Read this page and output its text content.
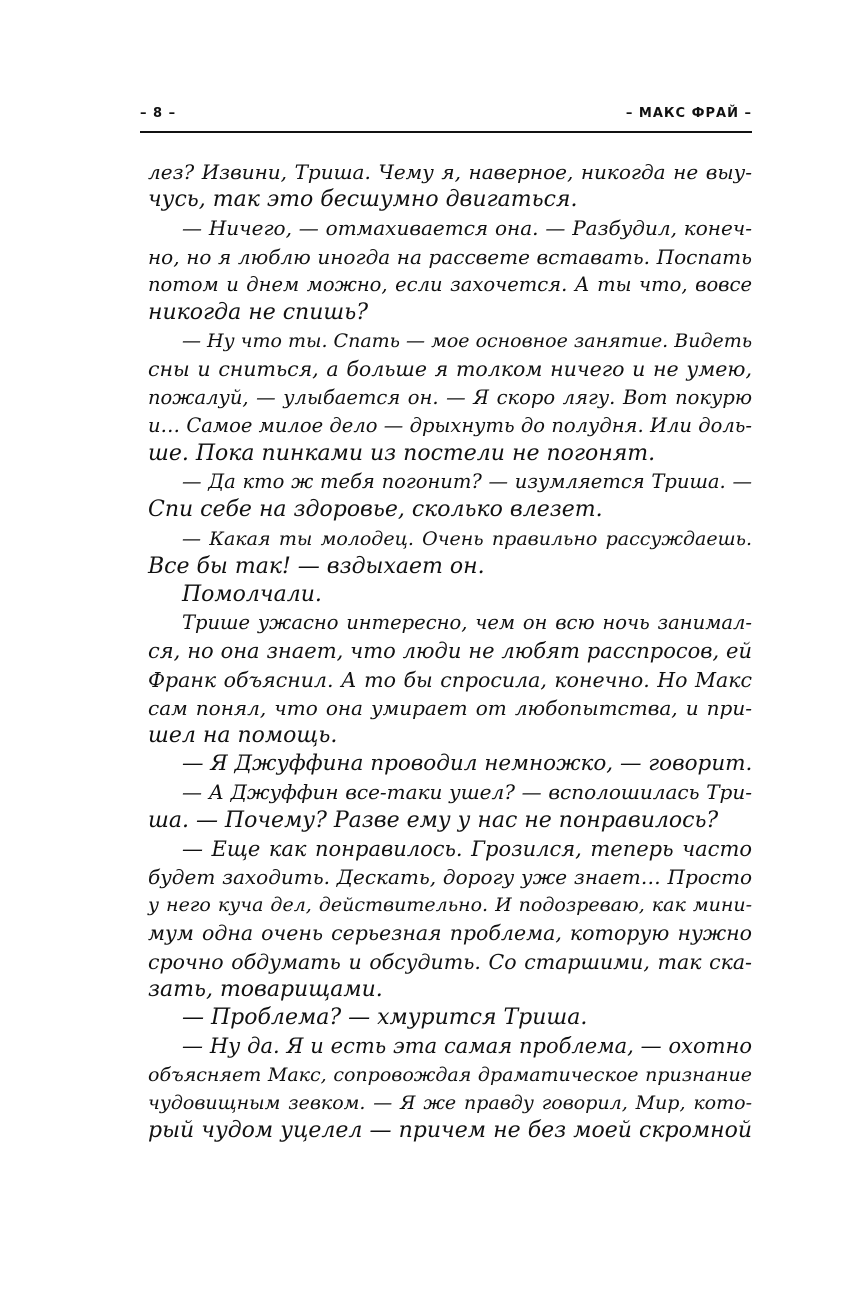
– 8 –	– МАКС ФРАЙ –

лез? Извини, Триша. Чему я, наверное, никогда не выу-

чусь, так это бесшумно двигаться.

— Ничего, — отмахивается она. — Разбудил, конеч-

но, но я люблю иногда на рассвете вставать. Поспать

потом и днем можно, если захочется. А ты что, вовсе

никогда не спишь?

— Ну что ты. Спать — мое основное занятие. Видеть

сны и сниться, а больше я толком ничего и не умею,

пожалуй, — улыбается он. — Я скоро лягу. Вот покурю

и… Самое милое дело — дрыхнуть до полудня. Или доль-

ше. Пока пинками из постели не погонят.

— Да кто ж тебя погонит? — изумляется Триша. —

Спи себе на здоровье, сколько влезет.

— Какая ты молодец. Очень правильно рассуждаешь.

Все бы так! — вздыхает он.

Помолчали.

Трише ужасно интересно, чем он всю ночь занимал-

ся, но она знает, что люди не любят расспросов, ей

Франк объяснил. А то бы спросила, конечно. Но Макс

сам понял, что она умирает от любопытства, и при-

шел на помощь.

— Я Джуффина проводил немножко, — говорит.

— А Джуффин все-таки ушел? — всполошилась Три-

ша. — Почему? Разве ему у нас не понравилось?

— Еще как понравилось. Грозился, теперь часто

будет заходить. Дескать, дорогу уже знает… Просто

у него куча дел, действительно. И подозреваю, как мини-

мум одна очень серьезная проблема, которую нужно

срочно обдумать и обсудить. Со старшими, так ска-

зать, товарищами.

— Проблема? — хмурится Триша.

— Ну да. Я и есть эта самая проблема, — охотно

объясняет Макс, сопровождая драматическое признание

чудовищным зевком. — Я же правду говорил, Мир, кото-

рый чудом уцелел — причем не без моей скромной
